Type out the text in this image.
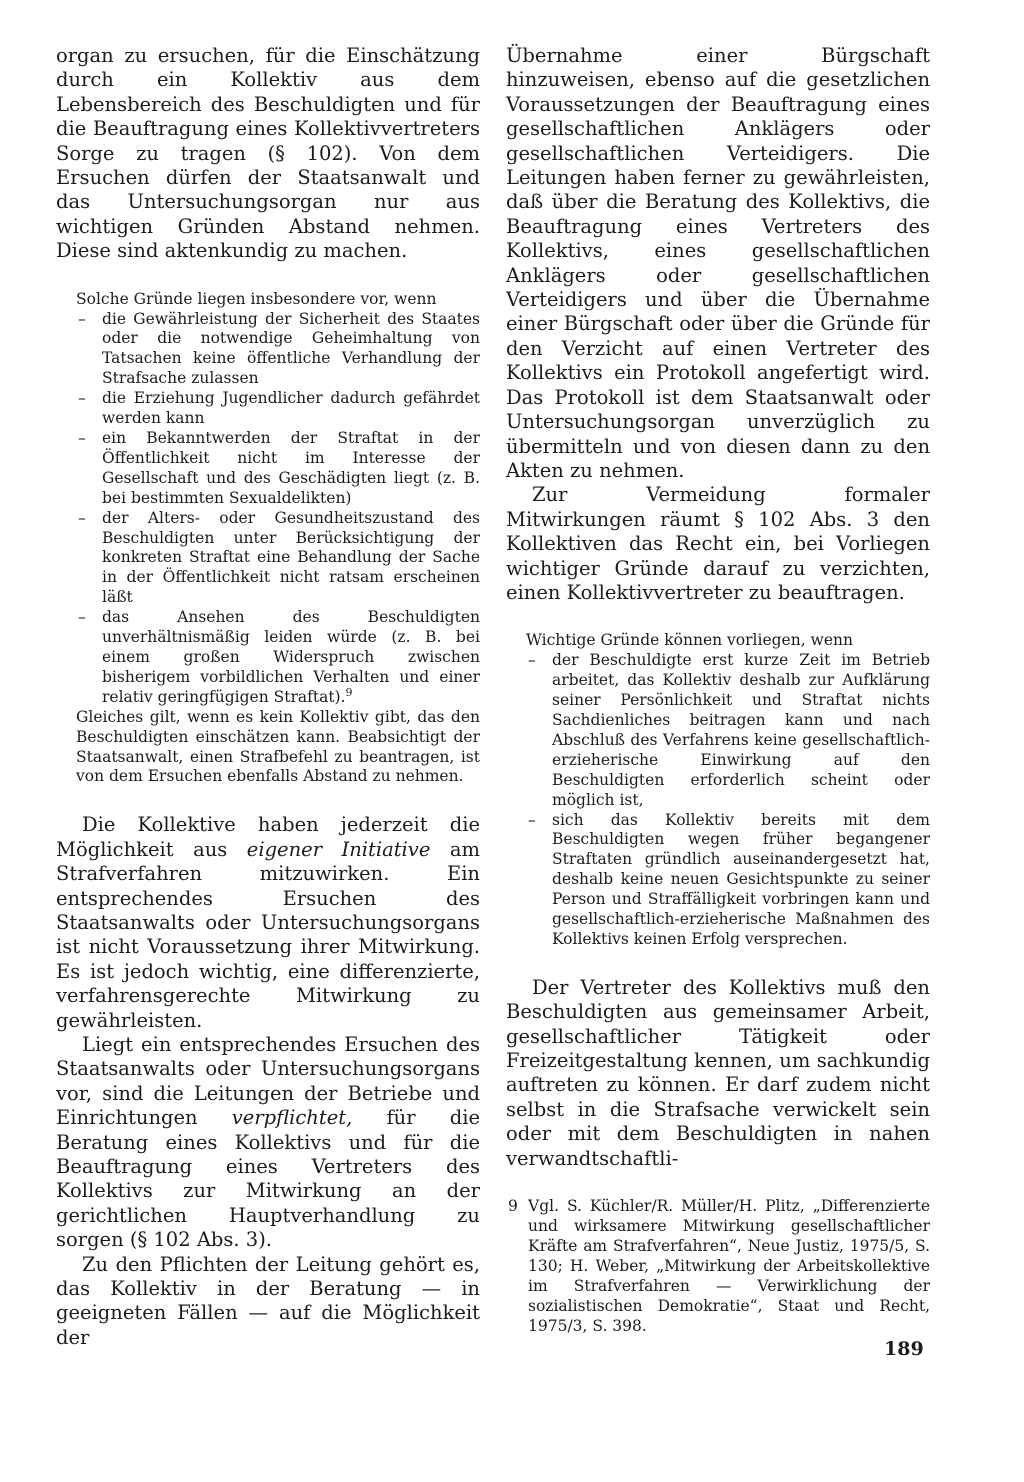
organ zu ersuchen, für die Einschätzung durch ein Kollektiv aus dem Lebensbereich des Beschuldigten und für die Beauftragung eines Kollektivvertreters Sorge zu tragen (§ 102). Von dem Ersuchen dürfen der Staatsanwalt und das Untersuchungsorgan nur aus wichtigen Gründen Abstand nehmen. Diese sind aktenkundig zu machen.

Solche Gründe liegen insbesondere vor, wenn

– die Gewährleistung der Sicherheit des Staates oder die notwendige Geheimhaltung von Tatsachen keine öffentliche Verhandlung der Strafsache zulassen
– die Erziehung Jugendlicher dadurch gefährdet werden kann
– ein Bekanntwerden der Straftat in der Öffentlichkeit nicht im Interesse der Gesellschaft und des Geschädigten liegt (z. B. bei bestimmten Sexualdelikten)
– der Alters- oder Gesundheitszustand des Beschuldigten unter Berücksichtigung der konkreten Straftat eine Behandlung der Sache in der Öffentlichkeit nicht ratsam erscheinen läßt
– das Ansehen des Beschuldigten unverhältnismäßig leiden würde (z. B. bei einem großen Widerspruch zwischen bisherigem vorbildlichen Verhalten und einer relativ geringfügigen Straftat).$^9$

Gleiches gilt, wenn es kein Kollektiv gibt, das den Beschuldigten einschätzen kann. Beabsichtigt der Staatsanwalt, einen Strafbefehl zu beantragen, ist von dem Ersuchen ebenfalls Abstand zu nehmen.

Die Kollektive haben jederzeit die Möglichkeit aus eigener Initiative am Strafverfahren mitzuwirken. Ein entsprechendes Ersuchen des Staatsanwalts oder Untersuchungsorgans ist nicht Voraussetzung ihrer Mitwirkung. Es ist jedoch wichtig, eine differenzierte, verfahrensgerechte Mitwirkung zu gewährleisten.

Liegt ein entsprechendes Ersuchen des Staatsanwalts oder Untersuchungsorgans vor, sind die Leitungen der Betriebe und Einrichtungen verpflichtet, für die Beratung eines Kollektivs und für die Beauftragung eines Vertreters des Kollektivs zur Mitwirkung an der gerichtlichen Hauptverhandlung zu sorgen (§ 102 Abs. 3).

Zu den Pflichten der Leitung gehört es, das Kollektiv in der Beratung — in geeigneten Fällen — auf die Möglichkeit der

Übernahme einer Bürgschaft hinzuweisen, ebenso auf die gesetzlichen Voraussetzungen der Beauftragung eines gesellschaftlichen Anklägers oder gesellschaftlichen Verteidigers. Die Leitungen haben ferner zu gewährleisten, daß über die Beratung des Kollektivs, die Beauftragung eines Vertreters des Kollektivs, eines gesellschaftlichen Anklägers oder gesellschaftlichen Verteidigers und über die Übernahme einer Bürgschaft oder über die Gründe für den Verzicht auf einen Vertreter des Kollektivs ein Protokoll angefertigt wird. Das Protokoll ist dem Staatsanwalt oder Untersuchungsorgan unverzüglich zu übermitteln und von diesen dann zu den Akten zu nehmen.

Zur Vermeidung formaler Mitwirkungen räumt § 102 Abs. 3 den Kollektiven das Recht ein, bei Vorliegen wichtiger Gründe darauf zu verzichten, einen Kollektivvertreter zu beauftragen.

Wichtige Gründe können vorliegen, wenn

– der Beschuldigte erst kurze Zeit im Betrieb arbeitet, das Kollektiv deshalb zur Aufklärung seiner Persönlichkeit und Straftat nichts Sachdienliches beitragen kann und nach Abschluß des Verfahrens keine gesellschaftlich-erzieherische Einwirkung auf den Beschuldigten erforderlich scheint oder möglich ist,
– sich das Kollektiv bereits mit dem Beschuldigten wegen früher begangener Straftaten gründlich auseinandergesetzt hat, deshalb keine neuen Gesichtspunkte zu seiner Person und Straffälligkeit vorbringen kann und gesellschaftlich-erzieherische Maßnahmen des Kollektivs keinen Erfolg versprechen.

Der Vertreter des Kollektivs muß den Beschuldigten aus gemeinsamer Arbeit, gesellschaftlicher Tätigkeit oder Freizeitgestaltung kennen, um sachkundig auftreten zu können. Er darf zudem nicht selbst in die Strafsache verwickelt sein oder mit dem Beschuldigten in nahen verwandtschaftli-

9 Vgl. S. Küchler/R. Müller/H. Plitz, „Differenzierte und wirksamere Mitwirkung gesellschaftlicher Kräfte am Strafverfahren“, Neue Justiz, 1975/5, S. 130; H. Weber, „Mitwirkung der Arbeitskollektive im Strafverfahren — Verwirklichung der sozialistischen Demokratie“, Staat und Recht, 1975/3, S. 398.

189
